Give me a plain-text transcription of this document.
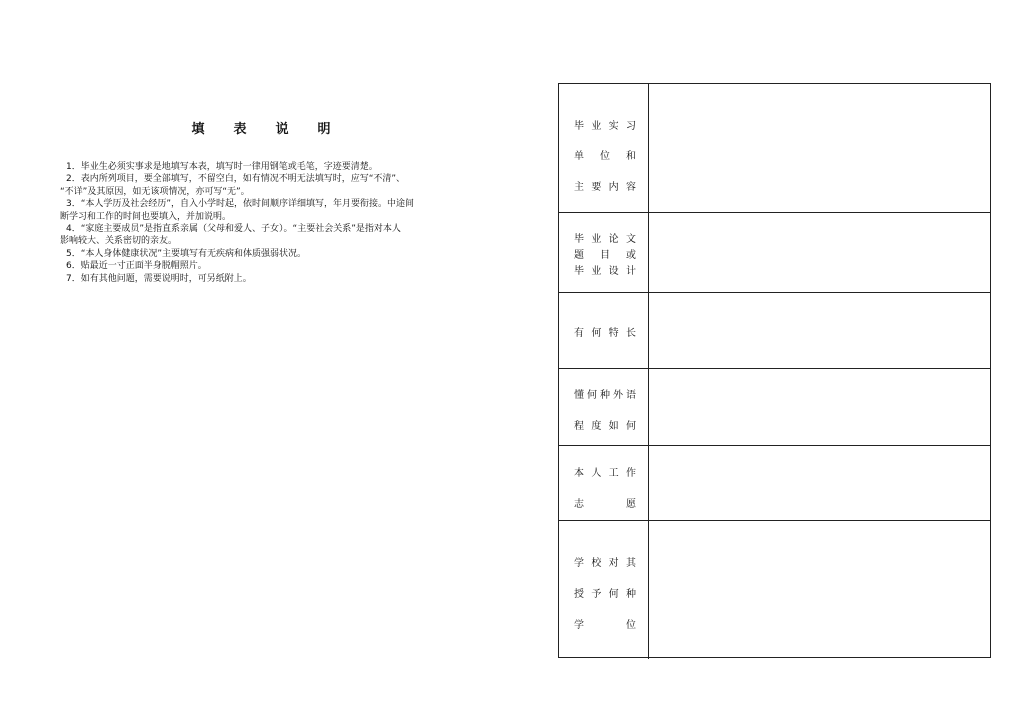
填 表 说 明
1．毕业生必须实事求是地填写本表，填写时一律用钢笔或毛笔，字迹要清楚。
2．表内所列项目，要全部填写，不留空白，如有情况不明无法填写时，应写“不清”、
“不详”及其原因，如无该项情况，亦可写“无”。
3．“本人学历及社会经历”，自入小学时起，依时间顺序详细填写，年月要衔接。中途间
断学习和工作的时间也要填入，并加说明。
4．“家庭主要成员”是指直系亲属（父母和爱人、子女）。“主要社会关系”是指对本人
影响较大、关系密切的亲友。
5．“本人身体健康状况”主要填写有无疾病和体质强弱状况。
6．贴最近一寸正面半身脱帽照片。
7．如有其他问题，需要说明时，可另纸附上。
毕 业 实 习
单 位 和
主 要 内 容
毕 业 论 文
题 目 或
毕 业 设 计
有 何 特 长
懂 何 种 外 语
程 度 如 何
本 人 工 作
志	愿
学 校 对 其
授 予 何 种
学	位
